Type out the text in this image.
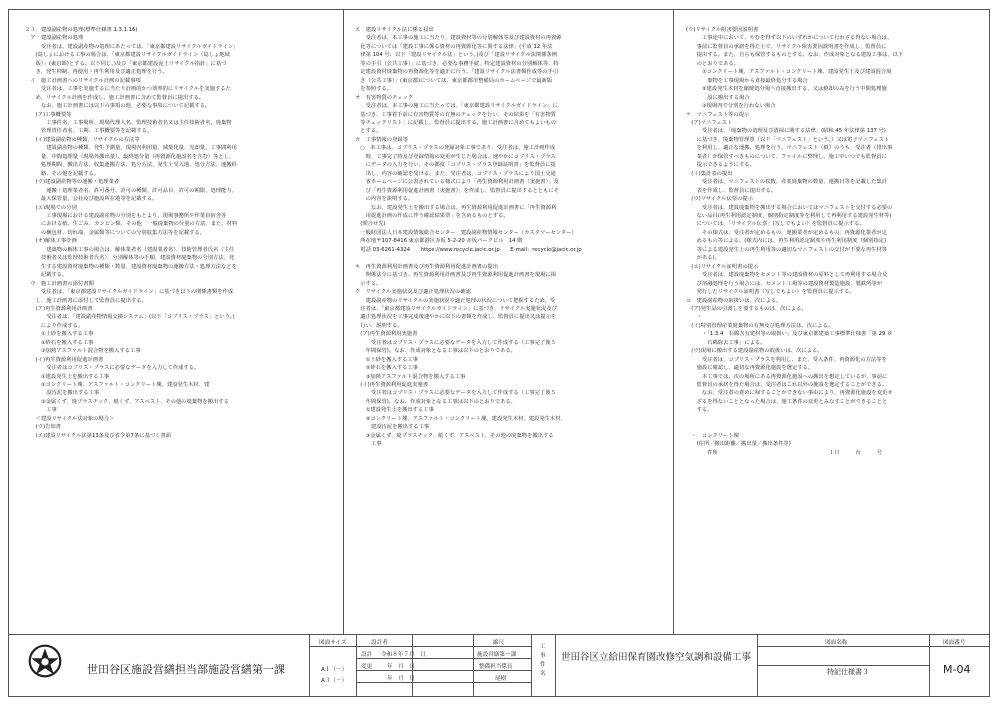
２３．建設副産物の処理(標準仕様書 1.3.1.16)
　ア　建設副産物の処理
　　　受注者は、建設副産物の処理にあたっては、「東京都建設リサイクルガイドライン」
　　(島しょにおける工事の場合は、「東京都建設リサイクルガイドライン（島しょ地域
　　版）」(東京都)とする。以下同じ。)及び「東京都建設泥土リサイクル指針」に基づ
　　き、発生抑制、再使用・再生利用及び適正処理を行う。
　イ　施工計画書へのリサイクル計画の記載事項
　　　受注者は、工事を実施するに当たり計画的かつ効率的にリサイクルを実施するた
　　め、リサイクル計画を作成し、施工計画書に含めて監督員に提出する。
　　　なお、施工計画書には以下の事項の他、必要な事項について記載する。
　　(ア)工事概要等
　　　　工事件名、工事場所、現場代理人名、監理技術者名又は主任技術者名、廃棄物
　　　管理責任者名、工期、工事概要等を記載する。
　　(イ)建設副産物の種類、リサイクルの方法等
　　　　建設副産物の種類、発生予測量、現場内利用量、減量化量、売却量、工事間利用
　　　量、中間処理量（現場外搬出量）、最終処分量（再資源化施設名を含む）等とし、
　　　処理期間、搬出方法、収集運搬方法、処分方法、発生土受入地、処分方法、運搬経
　　　路、その他を記載する。
　　(ウ)建設副産物等の運搬・処理業者
　　　　運搬・処理業者名、許可番号、許可の種類、許可品目、許可の期限、処理能力、
　　　最大保管量、会社及び施設所在地等を記載する。
　　(エ)現場での分別
　　　　工事現場における建設副産物の分別をもとより、現場事務所や作業員宿舎等
　　　における紙、生ごみ、カンビン類、その他　一般廃棄物の分別の方法、また、材料
　　　の梱包材、切れ端、金属類等についての分別収集方法等を記載する。
　　(オ)解体工事計画
　　　　建築物の解体工事の場合は、解体業者名（建設業者名）、技術管理者氏名（主任
　　　技術者又は監理技術者氏名）、分別解体等の手順、建設資材廃棄物の分別方法、発
　　　生する建設資材廃棄物の種類・数量、建設資材廃棄物の運搬方法・処理方法などを
　　　記載する。
　ウ　施工計画書の添付書類
　　　受注者は、「東京都建設リサイクルガイドライン」に基づき以下の関係書類を作成
　　し、施工計画書に添付して監督員に提出する。
　　(ア)再生資源利用計画書
　　　　受注者は、「建設副産物情報交換システム」(以下「コブリス・プラス」という。)
　　　により作成する。
　　　①土砂を搬入する工事
　　　②砕石を搬入する工事
　　　③加熱アスファルト混合物を搬入する工事
　　(イ)再生資源利用促進計画書
　　　　受注者はコブリス・プラスに必要なデータを入力して作成する。
　　　①建設発生土を搬出する工事
　　　②コンクリート塊、アスファルト・コンクリート塊、建設発生木材、建
　　　　設汚泥を搬出する工事
　　　③金属くず、廃プラスチック、紙くず、アスベスト、その他の廃棄物を搬出する
　　　　工事
　　＜建設リサイクル法対象の場合＞
　　(ウ)告知書
　　(エ)建設リサイクル法第13条及び省令第7条に基づく書面
エ　建設リサイクル法に係る届出
　　受注者は、本工事の施工に当たり、建設資材等の分別解体等及び建設資材の再資源
　化等については「建設工事に係る資材の再資源化等に関する法律」(平成 12 年法
　律第 104 号、以下「建設リサイクル法」という。)及び「建設リサイクル法関係条例
　等の手引（公共工事）」に基づき、必要な事務手続、特定建設資材の分別解体等、特
　定建設資材廃棄物の再資源化等を適正に行う。「建設リサイクル法書類作成等の手引
　き（公共工事）」(東京都)については、東京都都市整備局のホームページで最新版
　を参照する。
オ　有害物質のチェック
　　受注者は、本工事の施工に当たっては、「東京都建設リサイクルガイドライン」に
　基づき、工事着手前に有害物質等の有無のチェックを行い、その結果を「有害物質
　等チェックリスト」に記載し、監督員に提出する。施工計画書に含めてもよいもの
　とする。
カ　工事情報の登録等
　○　本工事は、コブリス・プラスの登録対象工事であり、受注者は、施工計画作成
　　時、工事完了時及び登録情報の変更が生じた場合は、速やかにコブリス・プラス
　　にデータの入力を行い、その都度「コブリス・プラス登録証明書」を監督員に提
　　出し、内容の確認を受ける。また、受注者は、コブリス・プラスにより国土交通
　　省ホームページに公表されている様式により「再生資源利用計画書（実施書）」及
　　び「再生資源利用促進計画書（実施書）」を作成し、監督員に提出するとともにそ
　　の内容を説明する。
　　　なお、建設発生土を搬出する場合は、再生資源利用促進計画書に「再生資源利
　　用促進計画の作成に伴う確認結果票」を含めるものとする。
　(問合せ先)
　一般財団法人日本建設情報総合センター　建設副産物情報センター（カスタマーセンター）
　所在地〒107-8416 東京都港区赤坂 5-2-20 赤坂パークビル　14 階
　電話 03-6261-4324　　https://www.recycle.jacic.or.jp　　E-mail：recycle@jacic.or.jp

キ　再生資源利用計画書及び再生資源利用促進計画書の提出
　　関係法令に基づき、再生資源利用計画書及び再生資源利用促進計画書を現場に掲
　示する。
ク　リサイクル実施状況及び適正処理状況の確認
　　建設副産物のリサイクルの実施状況や適正処理の状況について把握するため、受
　注者は、「東京都建設リサイクルガイドライン」に基づき、リサイクル実施状況及び
　適正処理状況を工事完成後速やかに以下の書類を作成し、監督員に提出又は提示を
　行い、説明する。
　(ア)再生資源利用実施書
　　　受注者はコブリス・プラスに必要なデータを入力して作成する（工事完了後５
　　年間保管)。なお、作成対象となる工事は以下のとおりである。
　　①土砂を搬入する工事
　　②砕石を搬入する工事
　　③加熱アスファルト混合物を搬入する工事
　(イ)再生資源利用促進実施書
　　　受注者はコブリス・プラスに必要なデータを入力して作成する（工事完了後５
　　年間保管)。なお、作成対象となる工事は以下のとおりである。
　　①建設発生土を搬出する工事
　　②コンクリート塊、アスファルト・コンクリート塊、建設発生木材、建設発生木材、
　　　建設汚泥を搬出する工事
　　③金属くず、廃プラスチック、紙くず、アスベスト、その他の廃棄物を搬出する
　　　工事
(ウ)リサイクル阻害要因説明書
　　　工事途中において、やむを得ず以下のいずれかについて行わざる得ない場合は、
　　事前に監督員の承諾を得た上で、リサイクル阻害要因説明書を作成し、監督員に
　　提出する。また、自らも保管するものとする。なお、作成対象となる建設工事は、以下
　　のとおりである。
　　　①コンクリート塊、アスファルト・コンクリート塊、建設発生土及び建設混合廃
　　　　棄物を工事現場から直接最終処分する場合
　　　②建設発生木材を縮焼処分場へ直接搬出する、又は焼却のみを行う中間処理施
　　　　設に搬出する場合
　　　③現場内で分別を行わない場合
ケ　マニフェスト等の提示
　(ア)マニフェスト
　　　受注者は、「廃棄物の処理及び清掃に関する法律」(昭和 45 年法律第 137 号)
　　に基づき、廃棄物管理票（以下「マニフェスト」という。）又は電子マニフェスト
　　を利用し、適正な運搬、処理を行う。マニフェスト（紙）のうち、受注者（排出事
　　業者）が保管すべきものについて、ファイルに整理し、施工中いつでも監督員に
　　提示できるようにする。
　(イ)集計表の提出
　　　受注者は、マニフェストの枚数、産業廃棄物の数量、運搬日等を記載した集計
　　表を作成し、監督員に提出する。
　(ウ)リサイクル伝票の提示
　　　受注者は、建設廃棄物を搬出する場合においてはマニフェストを交付する必要の
　　ない品目(再生利用認定制度、個別指定制度等を利用して再利用する建設発生材等)
　　については、「リサイクル伝票」(写しでもよい）を監督員に提示する。
　　　その様式は、受注者が定めるもの、運搬業者が定めるもの、再資源化業者が定
　　めるもの等による。(様式内には、再生利用認定制度や再生利用制度（個別指定)
　　等による建設発生土の再生利用等の適切なマニフェストの交付が不要な再生材等
　　がある)。
　(エ)リサイクル証明書の提示
　　　受注者は、建設廃棄物をセメント等の建設資材の原料として再利用する場合及
　　び溶融処理を行う場合には、セメント工場等の建設資材製造施設、製鉄所等が
　　発行したリサイクル証明書（写しでもよい）を監督員に提示する。
コ　建設副産物の取扱いは、次による。
　(ア)発生品の引渡しを要するものは、次による。
　　・
　(イ)特別管理産業廃棄物の有無及び処理方法は、次による。
　　　・「1.3.4　石綿含有建材等の取扱い」及び東京都建築工事標準仕様書「第 29 章
　　　　石綿除去工事」による。
　(ウ)現場に搬出する建設副産物の取扱いは、次による。
　　　受注者は、コブリス・プラスを利用し、また、受入条件、再資源化の方法等を
　　施設に確認し、適切な再資源化施設を選定する。
　　　本工事では、次の場所にある再資源化施設への搬出を想定しているが、事前に
　　監督員の承諾を得た場合は、受注者はこれ以外の施設を選定することができる。
　　　なお、受注者の責めに帰することができない事由により、再資源化施設を変更せ
　　ざるを得ないこととなった場合は、施工条件の変更とみなすことができることと
　　する。

　・　コンクリート塊
　　(住所／搬出距離／搬出量／搬出条件等)
　　　　件所　　　　　　　　　　　　　　　　　　　　　１日　　　台　　　号
世田谷区施設営繕担当部施設営繕第一課
図面サイズ
A１（－）
A３（－）
設計者
設計 令和８年７月　日
変更	年　月　日
年　月　日
縮尺
施設営繕第一課
整備担当係長
尾樹
工事件名
世田谷区立給田保育園改修空気調和設備工事
図面名称
特記仕様書３
図面番号
M-04
